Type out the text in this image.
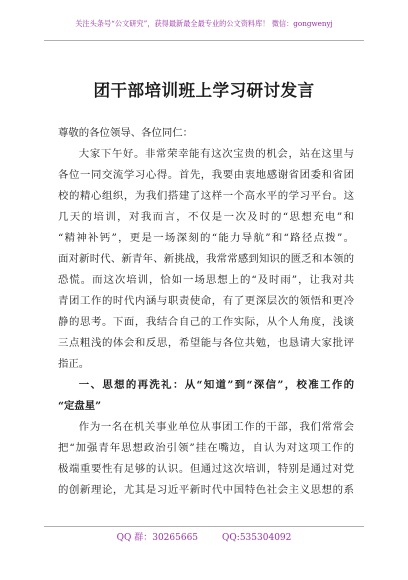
关注头条号“公文研究”，获得最新最全最专业的公文资料库！ 微信：gongwenyj
团干部培训班上学习研讨发言
尊敬的各位领导、各位同仁：
大家下午好。非常荣幸能有这次宝贵的机会，站在这里与
各位一同交流学习心得。首先，我要由衷地感谢省团委和省团
校的精心组织，为我们搭建了这样一个高水平的学习平台。这
几天的培训，对我而言，不仅是一次及时的“思想充电”和
“精神补钙”，更是一场深刻的“能力导航”和“路径点拨”。
面对新时代、新青年、新挑战，我常常感到知识的匮乏和本领的
恐慌。而这次培训，恰如一场思想上的“及时雨”，让我对共
青团工作的时代内涵与职责使命，有了更深层次的领悟和更冷
静的思考。下面，我结合自己的工作实际，从个人角度，浅谈
三点粗浅的体会和反思，希望能与各位共勉，也恳请大家批评
指正。
一、思想的再洗礼：从“知道”到“深信”，校准工作的
“定盘星”
作为一名在机关事业单位从事团工作的干部，我们常常会
把“加强青年思想政治引领”挂在嘴边，自认为对这项工作的
极端重要性有足够的认识。但通过这次培训，特别是通过对党
的创新理论，尤其是习近平新时代中国特色社会主义思想的系
QQ 群：30265665	QQ:535304092
